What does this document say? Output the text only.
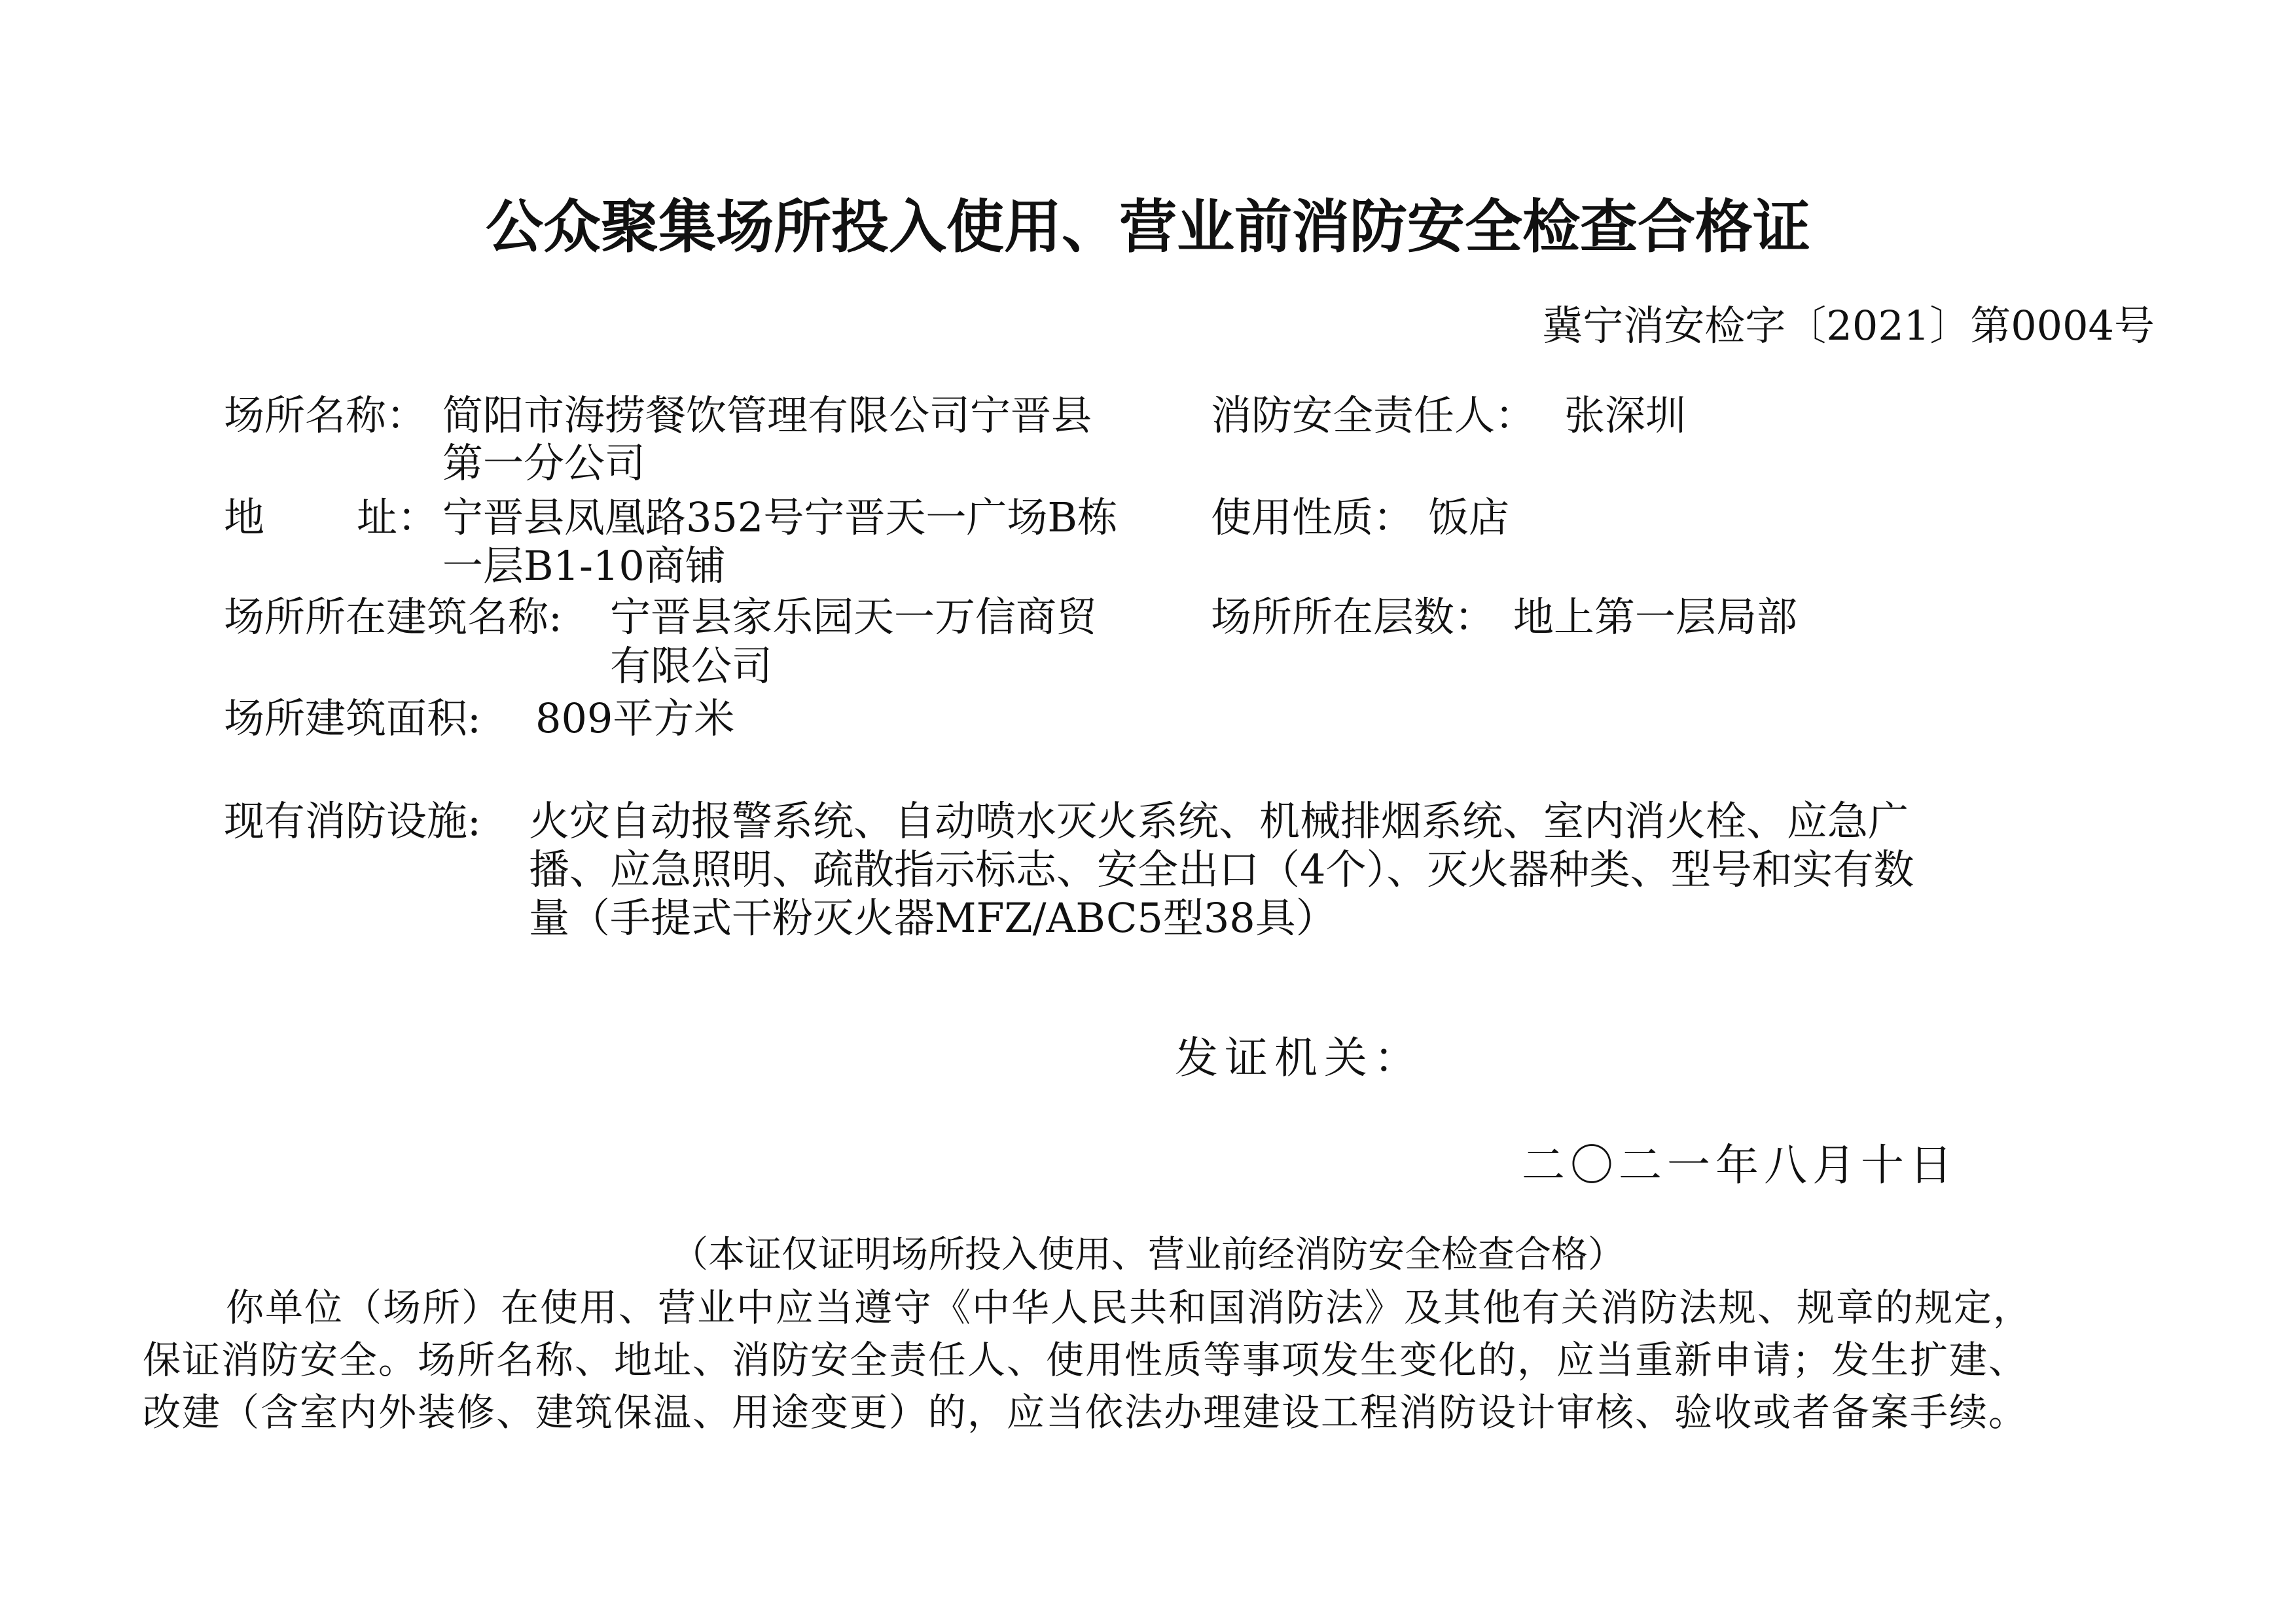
公众聚集场所投入使用、营业前消防安全检查合格证
冀宁消安检字〔2021〕第0004号
场所名称： 简阳市海捞餐饮管理有限公司宁晋县	消防安全责任人： 张深圳
第一分公司
地 址： 宁晋县凤凰路352号宁晋天一广场B栋 使用性质： 饭店
一层B1-10商铺
场所所在建筑名称: 宁晋县家乐园天一万信商贸	场所所在层数： 地上第一层局部
有限公司
场所建筑面积: 809平方米
现有消防设施: 火灾自动报警系统、自动喷水灭火系统、机械排烟系统、室内消火栓、应急广
播、应急照明、疏散指示标志、安全出口（4个）、灭火器种类、型号和实有数
量（手提式干粉灭火器MFZ/ABC5型38具）
发证机关：
二〇二一年八月十日
（本证仅证明场所投入使用、营业前经消防安全检查合格）
你单位（场所）在使用、营业中应当遵守《中华人民共和国消防法》及其他有关消防法规、规章的规定，
保证消防安全。场所名称、地址、消防安全责任人、使用性质等事项发生变化的，应当重新申请；发生扩建、
改建（含室内外装修、建筑保温、用途变更）的，应当依法办理建设工程消防设计审核、验收或者备案手续。
